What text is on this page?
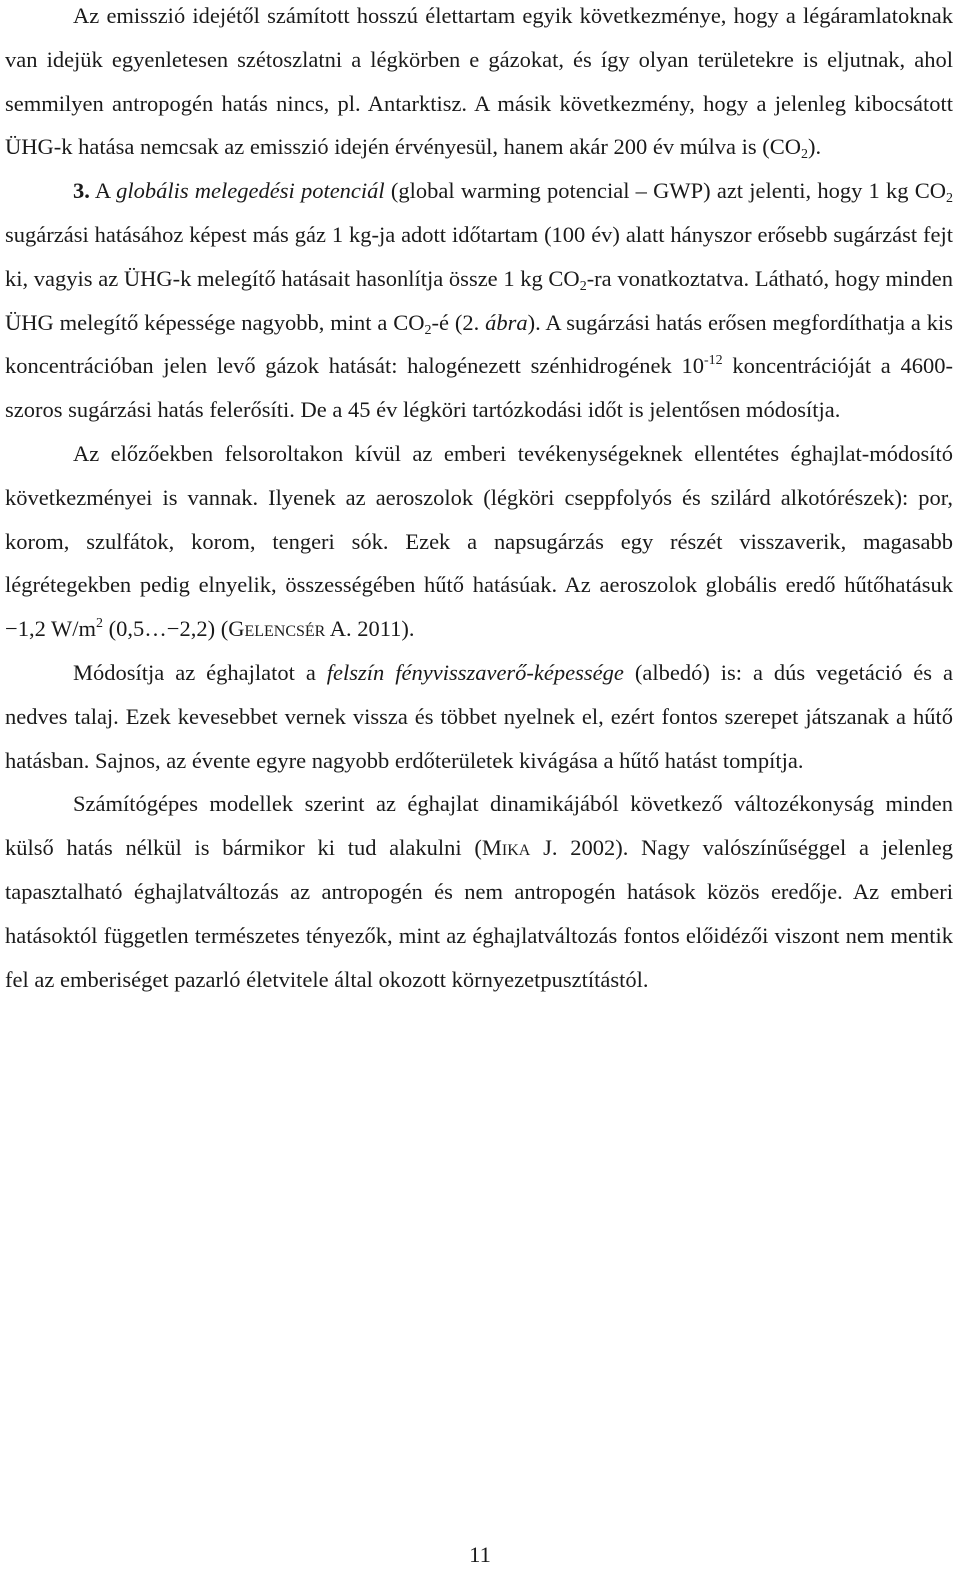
Az emisszió idejétől számított hosszú élettartam egyik következménye, hogy a légáramlatoknak van idejük egyenletesen szétoszlatni a légkörben e gázokat, és így olyan területekre is eljutnak, ahol semmilyen antropogén hatás nincs, pl. Antarktisz. A másik következmény, hogy a jelenleg kibocsátott ÜHG-k hatása nemcsak az emisszió idején érvényesül, hanem akár 200 év múlva is $(CO_2)$.

3. A globális melegedési potenciál (global warming potencial – GWP) azt jelenti, hogy 1 kg $CO_2$ sugárzási hatásához képest más gáz 1 kg-ja adott időtartam (100 év) alatt hányszor erősebb sugárzást fejt ki, vagyis az ÜHG-k melegítő hatásait hasonlítja össze 1 kg $CO_2-ra$ vonatkoztatva. Látható, hogy minden ÜHG melegítő képessége nagyobb, mint a $CO_2-é$ (2. ábra). A sugárzási hatás erősen megfordíthatja a kis koncentrációban jelen levő gázok hatását: halogénezett szénhidrogének $10^{-12}$ koncentrációját a 4600-szoros sugárzási hatás felerősíti. De a 45 év légköri tartózkodási időt is jelentősen módosítja.

Az előzőekben felsoroltakon kívül az emberi tevékenységeknek ellentétes éghajlat-módosító következményei is vannak. Ilyenek az aeroszolok (légköri cseppfolyós és szilárd alkotórészek): por, korom, szulfátok, korom, tengeri sók. Ezek a napsugárzás egy részét visszaverik, magasabb légrétegekben pedig elnyelik, összességében hűtő hatásúak. Az aeroszolok globális eredő hűtőhatásuk −1,2 $W/m^2$ (0,5…−2,2) (Gelencsér A. 2011).

Módosítja az éghajlatot a felszín fényvisszaverő-képessége (albedó) is: a dús vegetáció és a nedves talaj. Ezek kevesebbet vernek vissza és többet nyelnek el, ezért fontos szerepet játszanak a hűtő hatásban. Sajnos, az évente egyre nagyobb erdőterületek kivágása a hűtő hatást tompítja.

Számítógépes modellek szerint az éghajlat dinamikájából következő változékonyság minden külső hatás nélkül is bármikor ki tud alakulni (Mika J. 2002). Nagy valószínűséggel a jelenleg tapasztalható éghajlatváltozás az antropogén és nem antropogén hatások közös eredője. Az emberi hatásoktól független természetes tényezők, mint az éghajlatváltozás fontos előidézői viszont nem mentik fel az emberiséget pazarló életvitele által okozott környezetpusztítástól.

11
